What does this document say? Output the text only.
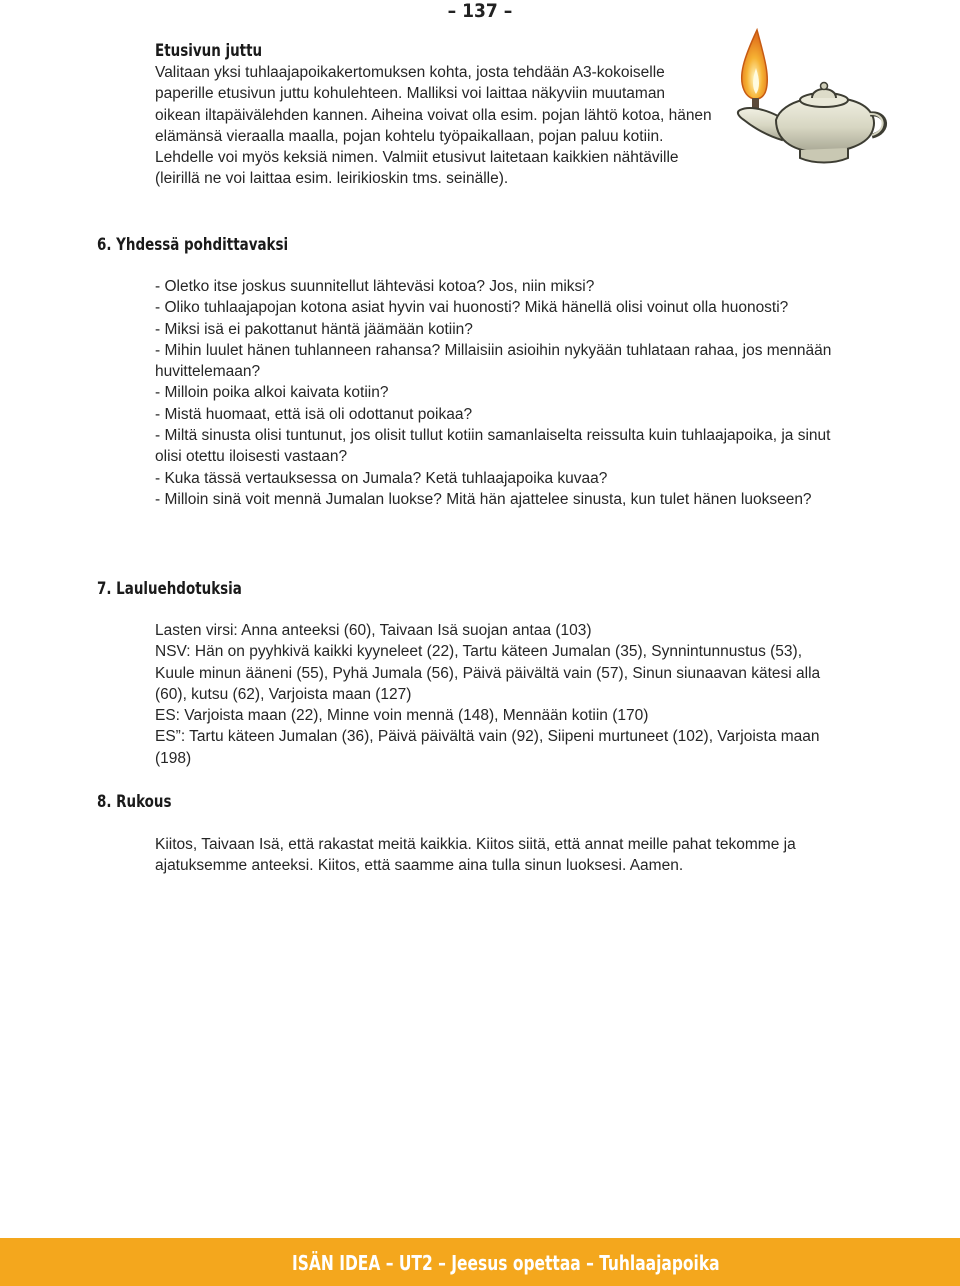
– 137 –
Etusivun juttu
Valitaan yksi tuhlaajapoikakertomuksen kohta, josta tehdään A3-kokoiselle paperille etusivun juttu kohulehteen. Malliksi voi laittaa näkyviin muutaman oikean iltapäivälehden kannen. Aiheina voivat olla esim. pojan lähtö kotoa, hänen elämänsä vieraalla maalla, pojan kohtelu työpaikallaan, pojan paluu kotiin. Lehdelle voi myös keksiä nimen. Valmiit etusivut laitetaan kaikkien nähtäville (leirillä ne voi laittaa esim. leirikioskin tms. seinälle).
6. Yhdessä pohdittavaksi

- Oletko itse joskus suunnitellut lähteväsi kotoa? Jos, niin miksi?

- Oliko tuhlaajapojan kotona asiat hyvin vai huonosti? Mikä hänellä olisi voinut olla huonosti?

- Miksi isä ei pakottanut häntä jäämään kotiin?

- Mihin luulet hänen tuhlanneen rahansa? Millaisiin asioihin nykyään tuhlataan rahaa, jos mennään huvittelemaan?

- Milloin poika alkoi kaivata kotiin?

- Mistä huomaat, että isä oli odottanut poikaa?

- Miltä sinusta olisi tuntunut, jos olisit tullut kotiin samanlaiselta reissulta kuin tuhlaajapoika, ja sinut olisi otettu iloisesti vastaan?

- Kuka tässä vertauksessa on Jumala? Ketä tuhlaajapoika kuvaa?

- Milloin sinä voit mennä Jumalan luokse? Mitä hän ajattelee sinusta, kun tulet hänen luokseen?

7. Lauluehdotuksia

Lasten virsi: Anna anteeksi (60), Taivaan Isä suojan antaa (103)

NSV: Hän on pyyhkivä kaikki kyyneleet (22), Tartu käteen Jumalan (35), Synnintunnustus (53), Kuule minun ääneni (55), Pyhä Jumala (56), Päivä päivältä vain (57), Sinun siunaavan kätesi alla (60), kutsu (62), Varjoista maan (127)

ES: Varjoista maan (22), Minne voin mennä (148), Mennään kotiin (170)

ES”: Tartu käteen Jumalan (36), Päivä päivältä vain (92), Siipeni murtuneet (102), Varjoista maan (198)

8. Rukous
Kiitos, Taivaan Isä, että rakastat meitä kaikkia. Kiitos siitä, että annat meille pahat tekomme ja ajatuksemme anteeksi. Kiitos, että saamme aina tulla sinun luoksesi. Aamen.
ISÄN IDEA – UT2 – Jeesus opettaa – Tuhlaajapoika
